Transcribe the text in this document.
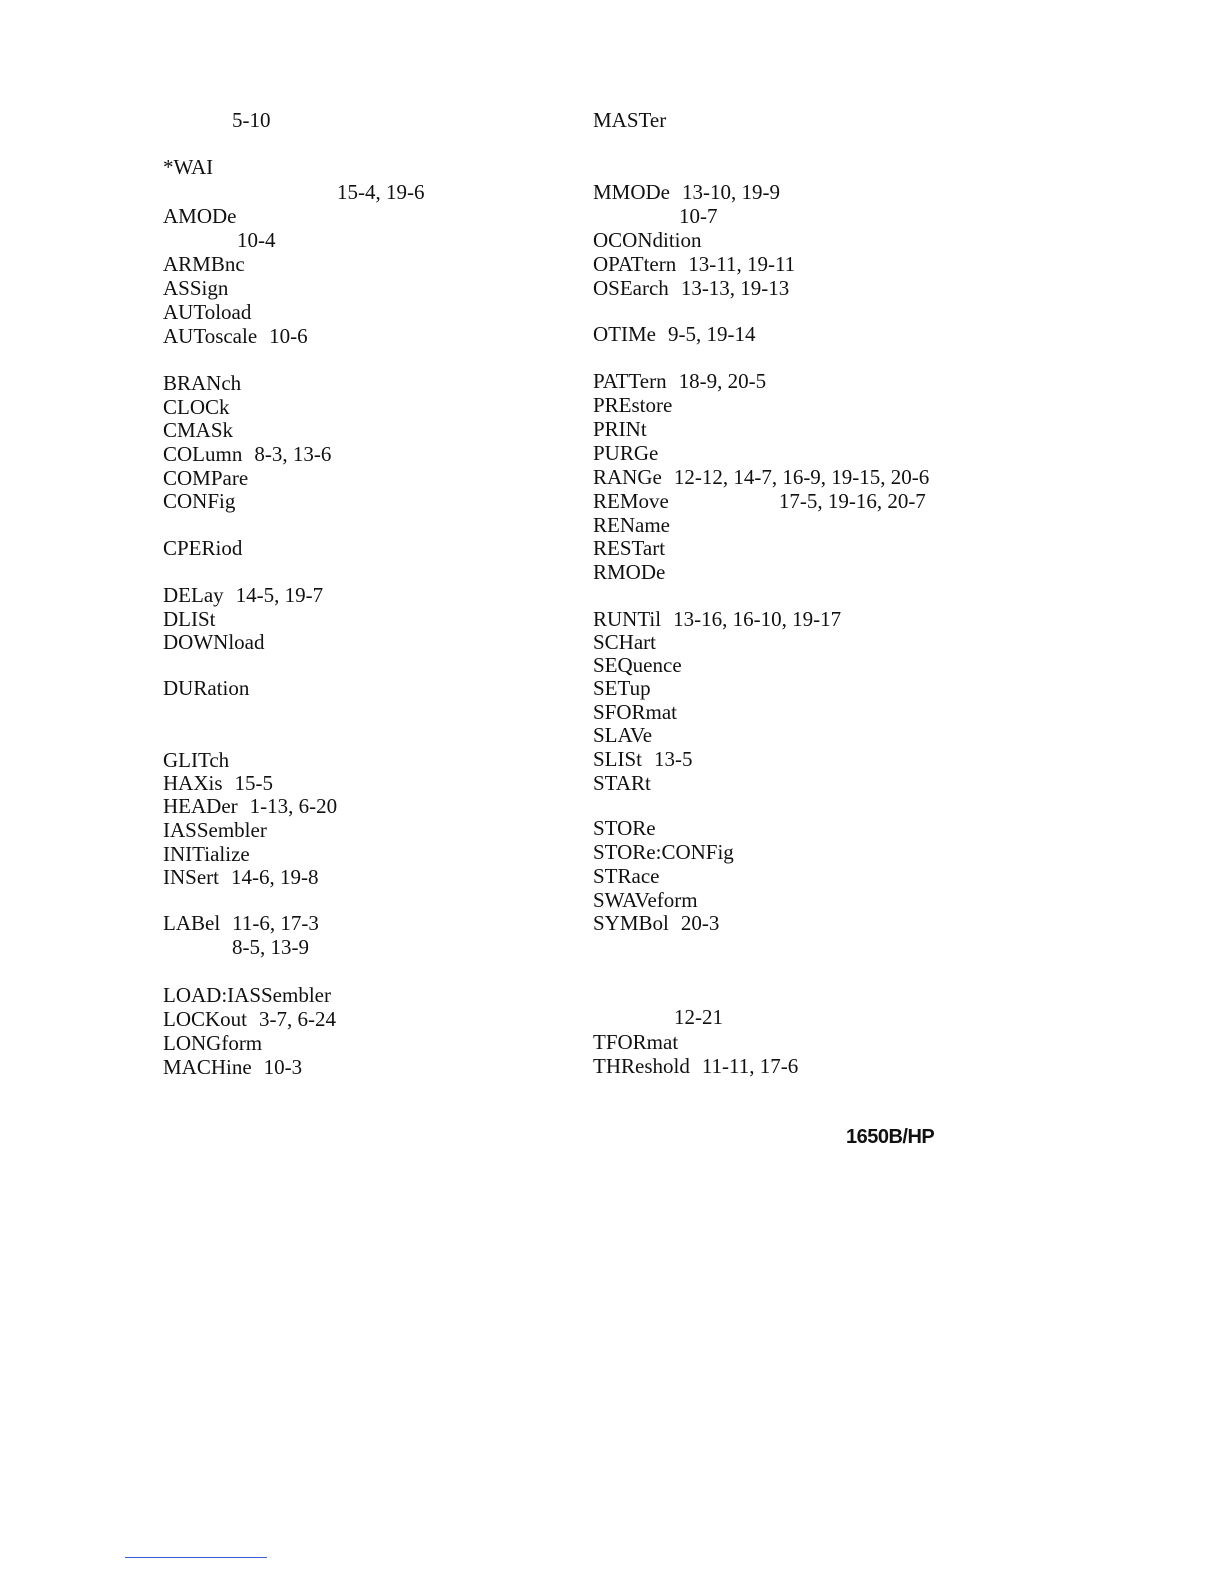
5-10
*WAI
15-4, 19-6
AMODe
10-4
ARMBnc
ASSign
AUToload
AUToscale 10-6
BRANch
CLOCk
CMASk
COLumn 8-3, 13-6
COMPare
CONFig
CPERiod
DELay 14-5, 19-7
DLISt
DOWNload
DURation
GLITch
HAXis 15-5
HEADer 1-13, 6-20
IASSembler
INITialize
INSert 14-6, 19-8
LABel 11-6, 17-3
8-5, 13-9
LOAD:IASSembler
LOCKout 3-7, 6-24
LONGform
MACHine 10-3
MASTer
MMODe 13-10, 19-9
10-7
OCONdition
OPATtern 13-11, 19-11
OSEarch 13-13, 19-13
OTIMe 9-5, 19-14
PATTern 18-9, 20-5
PREstore
PRINt
PURGe
RANGe 12-12, 14-7, 16-9, 19-15, 20-6
REMove	17-5, 19-16, 20-7
REName
RESTart
RMODe
RUNTil 13-16, 16-10, 19-17
SCHart
SEQuence
SETup
SFORmat
SLAVe
SLISt 13-5
STARt
STORe
STORe:CONFig
STRace
SWAVeform
SYMBol 20-3
12-21
TFORmat
THReshold 11-11, 17-6
1650B/HP
